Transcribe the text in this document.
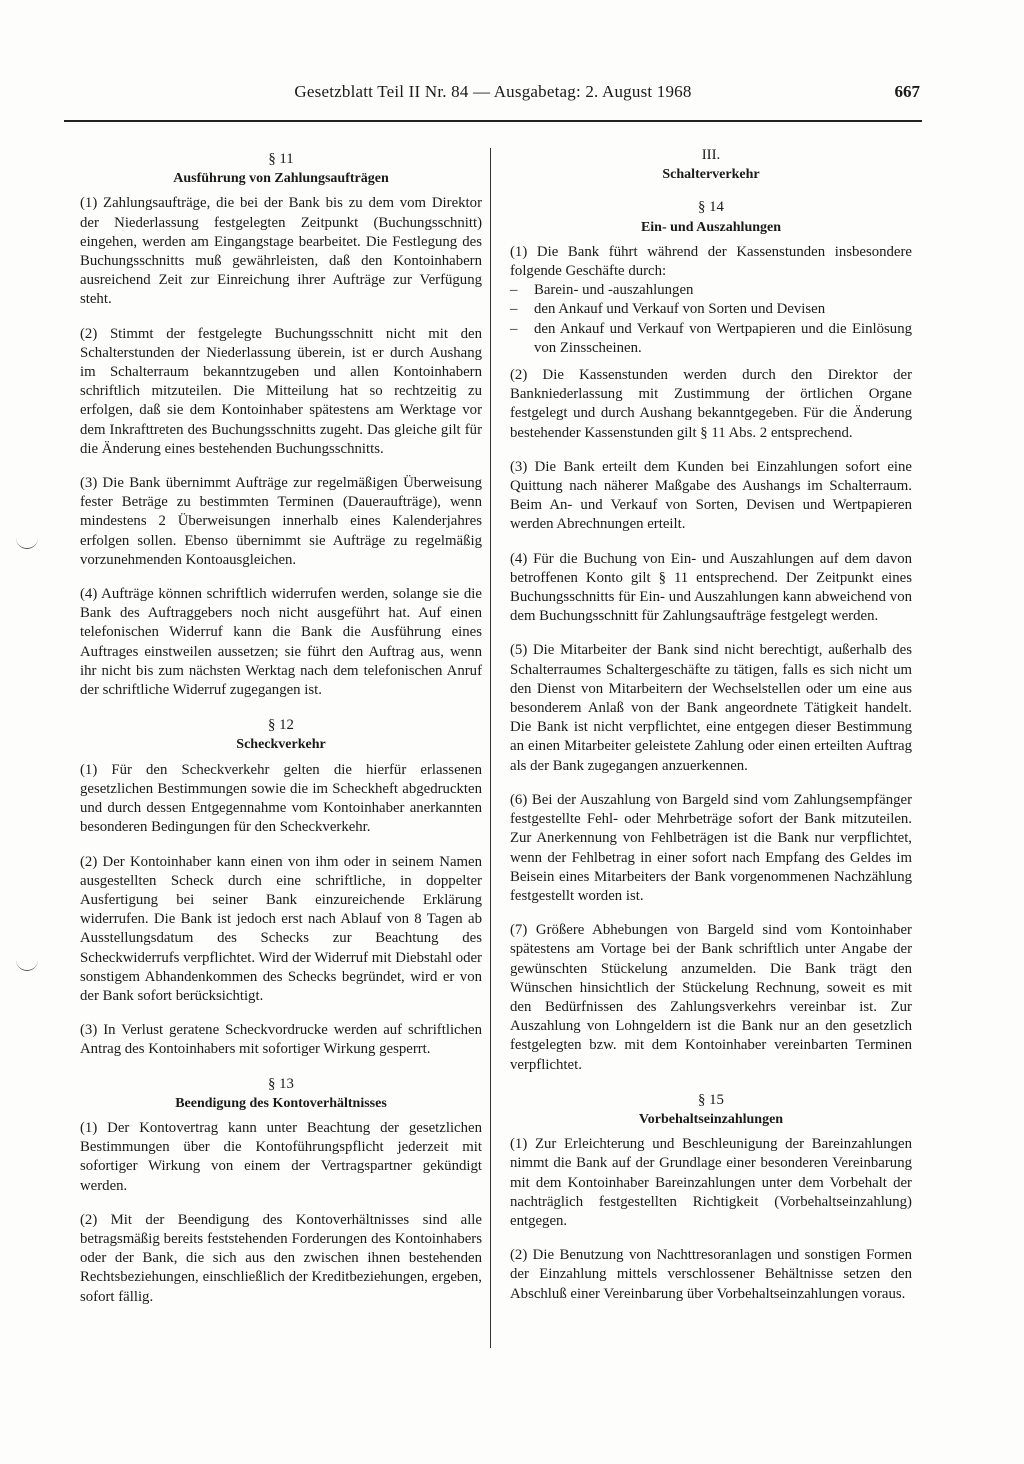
Gesetzblatt Teil II Nr. 84 — Ausgabetag: 2. August 1968	667
§ 11
Ausführung von Zahlungsaufträgen

(1) Zahlungsaufträge, die bei der Bank bis zu dem vom Direktor der Niederlassung festgelegten Zeitpunkt (Buchungsschnitt) eingehen, werden am Eingangstage bearbeitet. Die Festlegung des Buchungsschnitts muß gewährleisten, daß den Kontoinhabern ausreichend Zeit zur Einreichung ihrer Aufträge zur Verfügung steht.

(2) Stimmt der festgelegte Buchungsschnitt nicht mit den Schalterstunden der Niederlassung überein, ist er durch Aushang im Schalterraum bekanntzugeben und allen Kontoinhabern schriftlich mitzuteilen. Die Mitteilung hat so rechtzeitig zu erfolgen, daß sie dem Kontoinhaber spätestens am Werktage vor dem Inkrafttreten des Buchungsschnitts zugeht. Das gleiche gilt für die Änderung eines bestehenden Buchungsschnitts.

(3) Die Bank übernimmt Aufträge zur regelmäßigen Überweisung fester Beträge zu bestimmten Terminen (Daueraufträge), wenn mindestens 2 Überweisungen innerhalb eines Kalenderjahres erfolgen sollen. Ebenso übernimmt sie Aufträge zu regelmäßig vorzunehmenden Kontoausgleichen.

(4) Aufträge können schriftlich widerrufen werden, solange sie die Bank des Auftraggebers noch nicht ausgeführt hat. Auf einen telefonischen Widerruf kann die Bank die Ausführung eines Auftrages einstweilen aussetzen; sie führt den Auftrag aus, wenn ihr nicht bis zum nächsten Werktag nach dem telefonischen Anruf der schriftliche Widerruf zugegangen ist.

§ 12
Scheckverkehr

(1) Für den Scheckverkehr gelten die hierfür erlassenen gesetzlichen Bestimmungen sowie die im Scheckheft abgedruckten und durch dessen Entgegennahme vom Kontoinhaber anerkannten besonderen Bedingungen für den Scheckverkehr.

(2) Der Kontoinhaber kann einen von ihm oder in seinem Namen ausgestellten Scheck durch eine schriftliche, in doppelter Ausfertigung bei seiner Bank einzureichende Erklärung widerrufen. Die Bank ist jedoch erst nach Ablauf von 8 Tagen ab Ausstellungsdatum des Schecks zur Beachtung des Scheckwiderrufs verpflichtet. Wird der Widerruf mit Diebstahl oder sonstigem Abhandenkommen des Schecks begründet, wird er von der Bank sofort berücksichtigt.

(3) In Verlust geratene Scheckvordrucke werden auf schriftlichen Antrag des Kontoinhabers mit sofortiger Wirkung gesperrt.

§ 13
Beendigung des Kontoverhältnisses

(1) Der Kontovertrag kann unter Beachtung der gesetzlichen Bestimmungen über die Kontoführungspflicht jederzeit mit sofortiger Wirkung von einem der Vertragspartner gekündigt werden.

(2) Mit der Beendigung des Kontoverhältnisses sind alle betragsmäßig bereits feststehenden Forderungen des Kontoinhabers oder der Bank, die sich aus den zwischen ihnen bestehenden Rechtsbeziehungen, einschließlich der Kreditbeziehungen, ergeben, sofort fällig.

III.
Schalterverkehr
§ 14
Ein- und Auszahlungen

(1) Die Bank führt während der Kassenstunden insbesondere folgende Geschäfte durch:

– Barein- und -auszahlungen
– den Ankauf und Verkauf von Sorten und Devisen
– den Ankauf und Verkauf von Wertpapieren und die Einlösung von Zinsscheinen.

(2) Die Kassenstunden werden durch den Direktor der Bankniederlassung mit Zustimmung der örtlichen Organe festgelegt und durch Aushang bekanntgegeben. Für die Änderung bestehender Kassenstunden gilt § 11 Abs. 2 entsprechend.

(3) Die Bank erteilt dem Kunden bei Einzahlungen sofort eine Quittung nach näherer Maßgabe des Aushangs im Schalterraum. Beim An- und Verkauf von Sorten, Devisen und Wertpapieren werden Abrechnungen erteilt.

(4) Für die Buchung von Ein- und Auszahlungen auf dem davon betroffenen Konto gilt § 11 entsprechend. Der Zeitpunkt eines Buchungsschnitts für Ein- und Auszahlungen kann abweichend von dem Buchungsschnitt für Zahlungsaufträge festgelegt werden.

(5) Die Mitarbeiter der Bank sind nicht berechtigt, außerhalb des Schalterraumes Schaltergeschäfte zu tätigen, falls es sich nicht um den Dienst von Mitarbeitern der Wechselstellen oder um eine aus besonderem Anlaß von der Bank angeordnete Tätigkeit handelt. Die Bank ist nicht verpflichtet, eine entgegen dieser Bestimmung an einen Mitarbeiter geleistete Zahlung oder einen erteilten Auftrag als der Bank zugegangen anzuerkennen.

(6) Bei der Auszahlung von Bargeld sind vom Zahlungsempfänger festgestellte Fehl- oder Mehrbeträge sofort der Bank mitzuteilen. Zur Anerkennung von Fehlbeträgen ist die Bank nur verpflichtet, wenn der Fehlbetrag in einer sofort nach Empfang des Geldes im Beisein eines Mitarbeiters der Bank vorgenommenen Nachzählung festgestellt worden ist.

(7) Größere Abhebungen von Bargeld sind vom Kontoinhaber spätestens am Vortage bei der Bank schriftlich unter Angabe der gewünschten Stückelung anzumelden. Die Bank trägt den Wünschen hinsichtlich der Stückelung Rechnung, soweit es mit den Bedürfnissen des Zahlungsverkehrs vereinbar ist. Zur Auszahlung von Lohngeldern ist die Bank nur an den gesetzlich festgelegten bzw. mit dem Kontoinhaber vereinbarten Terminen verpflichtet.

§ 15
Vorbehaltseinzahlungen

(1) Zur Erleichterung und Beschleunigung der Bareinzahlungen nimmt die Bank auf der Grundlage einer besonderen Vereinbarung mit dem Kontoinhaber Bareinzahlungen unter dem Vorbehalt der nachträglich festgestellten Richtigkeit (Vorbehaltseinzahlung) entgegen.

(2) Die Benutzung von Nachttresoranlagen und sonstigen Formen der Einzahlung mittels verschlossener Behältnisse setzen den Abschluß einer Vereinbarung über Vorbehaltseinzahlungen voraus.
